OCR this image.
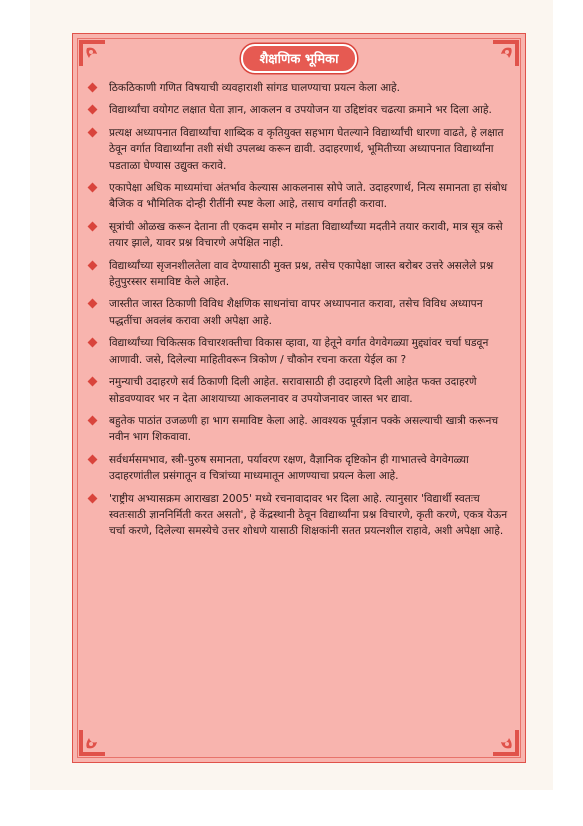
शैक्षणिक भूमिका
ठिकठिकाणी गणित विषयाची व्यवहाराशी सांगड घालण्याचा प्रयत्न केला आहे.
विद्यार्थ्यांचा वयोगट लक्षात घेता ज्ञान, आकलन व उपयोजन या उद्दिष्टांवर चढत्या क्रमाने भर दिला आहे.
प्रत्यक्ष अध्यापनात विद्यार्थ्यांचा शाब्दिक व कृतियुक्त सहभाग घेतल्याने विद्यार्थ्यांची धारणा वाढते, हे लक्षात ठेवून वर्गात विद्यार्थ्यांना तशी संधी उपलब्ध करून द्यावी. उदाहरणार्थ, भूमितीच्या अध्यापनात विद्यार्थ्यांना पडताळा घेण्यास उद्युक्त करावे.
एकापेक्षा अधिक माध्यमांचा अंतर्भाव केल्यास आकलनास सोपे जाते. उदाहरणार्थ, नित्य समानता हा संबोध बैजिक व भौमितिक दोन्ही रीतींनी स्पष्ट केला आहे, तसाच वर्गातही करावा.
सूत्रांची ओळख करून देताना ती एकदम समोर न मांडता विद्यार्थ्यांच्या मदतीने तयार करावी, मात्र सूत्र कसे तयार झाले, यावर प्रश्न विचारणे अपेक्षित नाही.
विद्यार्थ्यांच्या सृजनशीलतेला वाव देण्यासाठी मुक्त प्रश्न, तसेच एकापेक्षा जास्त बरोबर उत्तरे असलेले प्रश्न हेतुपुरस्सर समाविष्ट केले आहेत.
जास्तीत जास्त ठिकाणी विविध शैक्षणिक साधनांचा वापर अध्यापनात करावा, तसेच विविध अध्यापन पद्धतींचा अवलंब करावा अशी अपेक्षा आहे.
विद्यार्थ्यांच्या चिकित्सक विचारशक्तीचा विकास व्हावा, या हेतूने वर्गात वेगवेगळ्या मुद्द्यांवर चर्चा घडवून आणावी. जसे, दिलेल्या माहितीवरून त्रिकोण / चौकोन रचना करता येईल का ?
नमुन्याची उदाहरणे सर्व ठिकाणी दिली आहेत. सरावासाठी ही उदाहरणे दिली आहेत फक्त उदाहरणे सोडवण्यावर भर न देता आशयाच्या आकलनावर व उपयोजनावर जास्त भर द्यावा.
बहुतेक पाठांत उजळणी हा भाग समाविष्ट केला आहे. आवश्यक पूर्वज्ञान पक्के असल्याची खात्री करूनच नवीन भाग शिकवावा.
सर्वधर्मसमभाव, स्त्री-पुरुष समानता, पर्यावरण रक्षण, वैज्ञानिक दृष्टिकोन ही गाभातत्त्वे वेगवेगळ्या उदाहरणांतील प्रसंगातून व चित्रांच्या माध्यमातून आणण्याचा प्रयत्न केला आहे.
'राष्ट्रीय अभ्यासक्रम आराखडा 2005' मध्ये रचनावादावर भर दिला आहे. त्यानुसार 'विद्यार्थी स्वतःच स्वतःसाठी ज्ञाननिर्मिती करत असतो', हे केंद्रस्थानी ठेवून विद्यार्थ्यांना प्रश्न विचारणे, कृती करणे, एकत्र येऊन चर्चा करणे, दिलेल्या समस्येचे उत्तर शोधणे यासाठी शिक्षकांनी सतत प्रयत्नशील राहावे, अशी अपेक्षा आहे.
